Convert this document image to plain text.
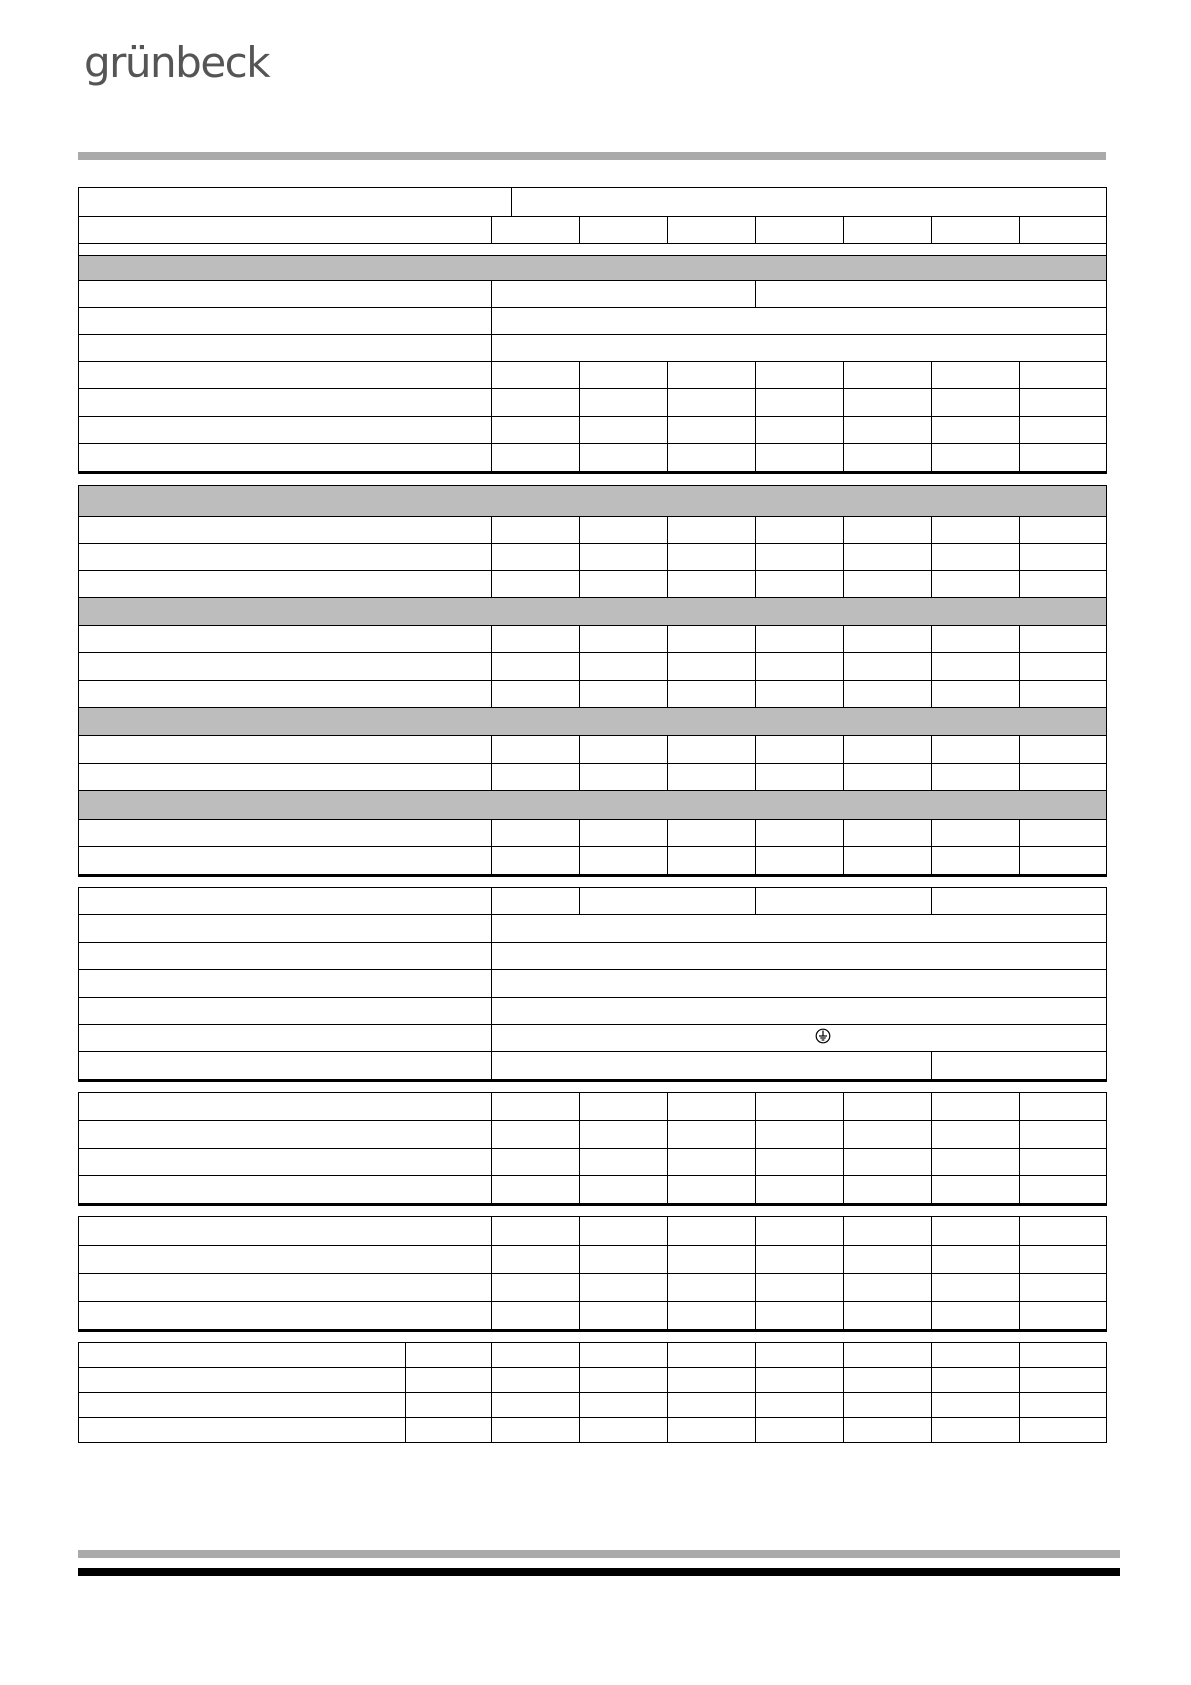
grünbeck
